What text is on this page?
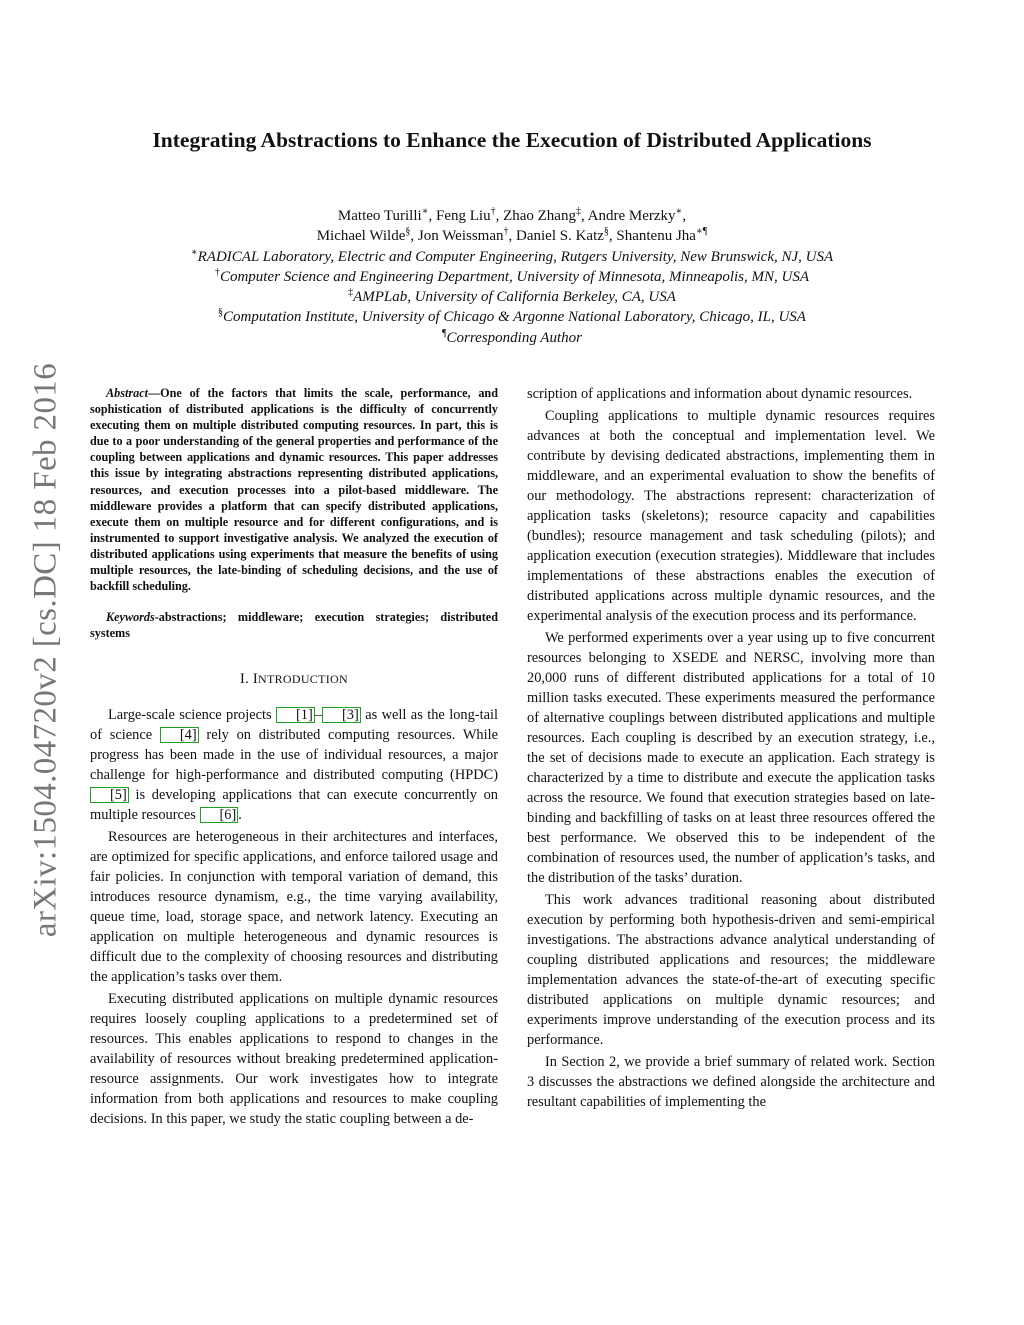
arXiv:1504.04720v2 [cs.DC] 18 Feb 2016
Integrating Abstractions to Enhance the Execution of Distributed Applications
Matteo Turilli∗, Feng Liu†, Zhao Zhang‡, Andre Merzky∗,
Michael Wilde§, Jon Weissman†, Daniel S. Katz§, Shantenu Jha∗¶
∗RADICAL Laboratory, Electric and Computer Engineering, Rutgers University, New Brunswick, NJ, USA
†Computer Science and Engineering Department, University of Minnesota, Minneapolis, MN, USA
‡AMPLab, University of California Berkeley, CA, USA
§Computation Institute, University of Chicago & Argonne National Laboratory, Chicago, IL, USA
¶Corresponding Author

Abstract—One of the factors that limits the scale, performance, and sophistication of distributed applications is the difficulty of concurrently executing them on multiple distributed computing resources. In part, this is due to a poor understanding of the general properties and performance of the coupling between applications and dynamic resources. This paper addresses this issue by integrating abstractions representing distributed applications, resources, and execution processes into a pilot-based middleware. The middleware provides a platform that can specify distributed applications, execute them on multiple resource and for different configurations, and is instrumented to support investigative analysis. We analyzed the execution of distributed applications using experiments that measure the benefits of using multiple resources, the late-binding of scheduling decisions, and the use of backfill scheduling.

Keywords-abstractions; middleware; execution strategies; distributed systems

I. INTRODUCTION

Large-scale science projects [1] – [3] as well as the long-tail of science [4] rely on distributed computing resources. While progress has been made in the use of individual resources, a major challenge for high-performance and distributed computing (HPDC) [5] is developing applications that can execute concurrently on multiple resources [6] .

Resources are heterogeneous in their architectures and interfaces, are optimized for specific applications, and enforce tailored usage and fair policies. In conjunction with temporal variation of demand, this introduces resource dynamism, e.g., the time varying availability, queue time, load, storage space, and network latency. Executing an application on multiple heterogeneous and dynamic resources is difficult due to the complexity of choosing resources and distributing the application’s tasks over them.

Executing distributed applications on multiple dynamic resources requires loosely coupling applications to a predetermined set of resources. This enables applications to respond to changes in the availability of resources without breaking predetermined application-resource assignments. Our work investigates how to integrate information from both applications and resources to make coupling decisions. In this paper, we study the static coupling between a de-

scription of applications and information about dynamic resources.

Coupling applications to multiple dynamic resources requires advances at both the conceptual and implementation level. We contribute by devising dedicated abstractions, implementing them in middleware, and an experimental evaluation to show the benefits of our methodology. The abstractions represent: characterization of application tasks (skeletons); resource capacity and capabilities (bundles); resource management and task scheduling (pilots); and application execution (execution strategies). Middleware that includes implementations of these abstractions enables the execution of distributed applications across multiple dynamic resources, and the experimental analysis of the execution process and its performance.

We performed experiments over a year using up to five concurrent resources belonging to XSEDE and NERSC, involving more than 20,000 runs of different distributed applications for a total of 10 million tasks executed. These experiments measured the performance of alternative couplings between distributed applications and multiple resources. Each coupling is described by an execution strategy, i.e., the set of decisions made to execute an application. Each strategy is characterized by a time to distribute and execute the application tasks across the resource. We found that execution strategies based on late-binding and backfilling of tasks on at least three resources offered the best performance. We observed this to be independent of the combination of resources used, the number of application’s tasks, and the distribution of the tasks’ duration.

This work advances traditional reasoning about distributed execution by performing both hypothesis-driven and semi-empirical investigations. The abstractions advance analytical understanding of coupling distributed applications and resources; the middleware implementation advances the state-of-the-art of executing specific distributed applications on multiple dynamic resources; and experiments improve understanding of the execution process and its performance.

In Section 2, we provide a brief summary of related work. Section 3 discusses the abstractions we defined alongside the architecture and resultant capabilities of implementing the
